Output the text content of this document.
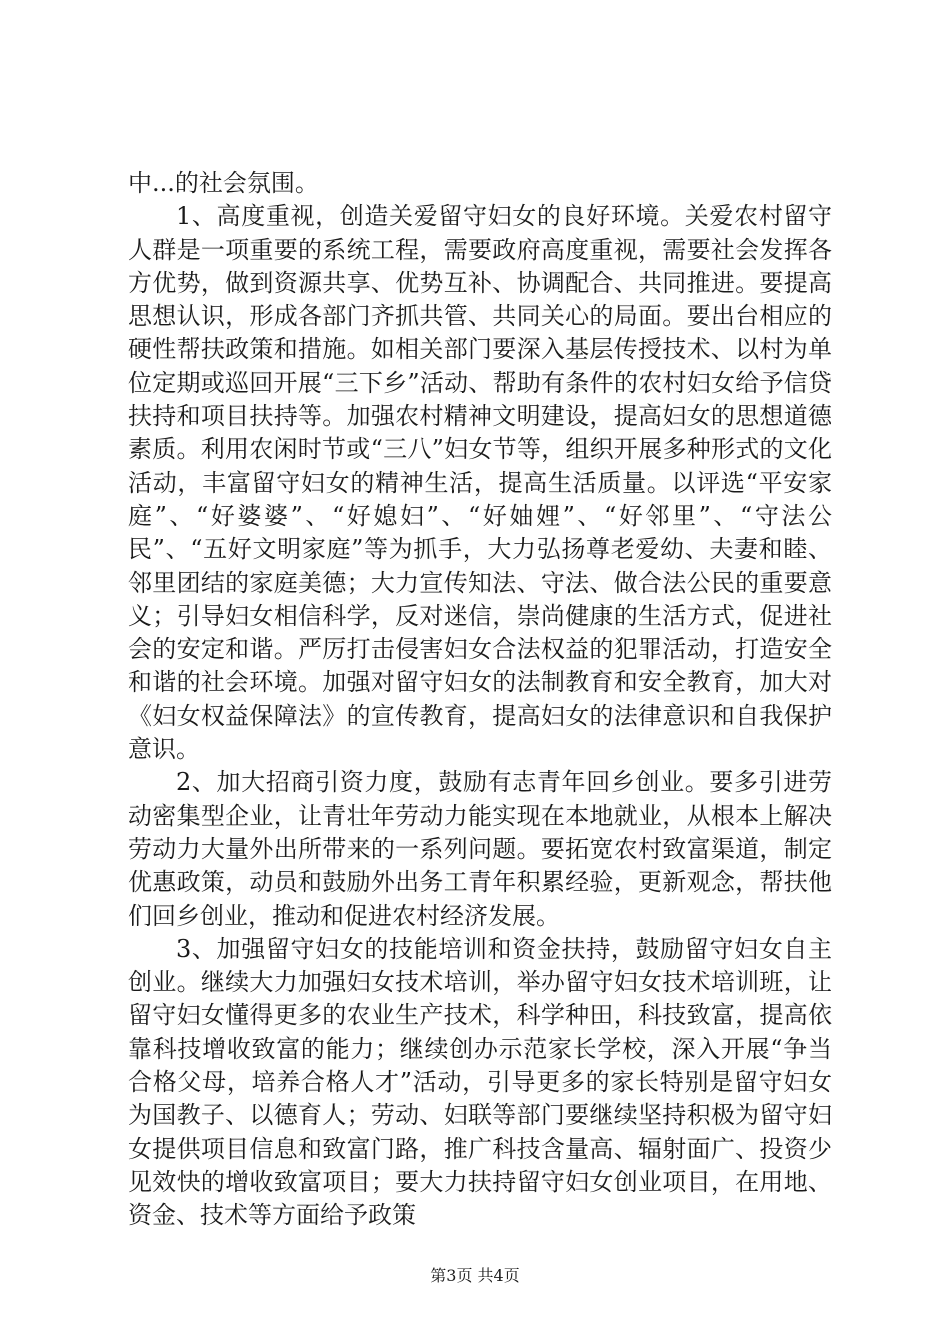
中...的社会氛围。

1、高度重视，创造关爱留守妇女的良好环境。关爱农村留守人群是一项重要的系统工程，需要政府高度重视，需要社会发挥各方优势，做到资源共享、优势互补、协调配合、共同推进。要提高思想认识，形成各部门齐抓共管、共同关心的局面。要出台相应的硬性帮扶政策和措施。如相关部门要深入基层传授技术、以村为单位定期或巡回开展“三下乡”活动、帮助有条件的农村妇女给予信贷扶持和项目扶持等。加强农村精神文明建设，提高妇女的思想道德素质。利用农闲时节或“三八”妇女节等，组织开展多种形式的文化活动，丰富留守妇女的精神生活，提高生活质量。以评选“平安家庭”、“好婆婆”、“好媳妇”、“好妯娌”、“好邻里”、“守法公民”、“五好文明家庭”等为抓手，大力弘扬尊老爱幼、夫妻和睦、邻里团结的家庭美德；大力宣传知法、守法、做合法公民的重要意义；引导妇女相信科学，反对迷信，崇尚健康的生活方式，促进社会的安定和谐。严厉打击侵害妇女合法权益的犯罪活动，打造安全和谐的社会环境。加强对留守妇女的法制教育和安全教育，加大对《妇女权益保障法》的宣传教育，提高妇女的法律意识和自我保护意识。

2、加大招商引资力度，鼓励有志青年回乡创业。要多引进劳动密集型企业，让青壮年劳动力能实现在本地就业，从根本上解决劳动力大量外出所带来的一系列问题。要拓宽农村致富渠道，制定优惠政策，动员和鼓励外出务工青年积累经验，更新观念，帮扶他们回乡创业，推动和促进农村经济发展。

3、加强留守妇女的技能培训和资金扶持，鼓励留守妇女自主创业。继续大力加强妇女技术培训，举办留守妇女技术培训班，让留守妇女懂得更多的农业生产技术，科学种田，科技致富，提高依靠科技增收致富的能力；继续创办示范家长学校，深入开展“争当合格父母，培养合格人才”活动，引导更多的家长特别是留守妇女为国教子、以德育人；劳动、妇联等部门要继续坚持积极为留守妇女提供项目信息和致富门路，推广科技含量高、辐射面广、投资少见效快的增收致富项目；要大力扶持留守妇女创业项目，在用地、资金、技术等方面给予政策

第3页 共4页
